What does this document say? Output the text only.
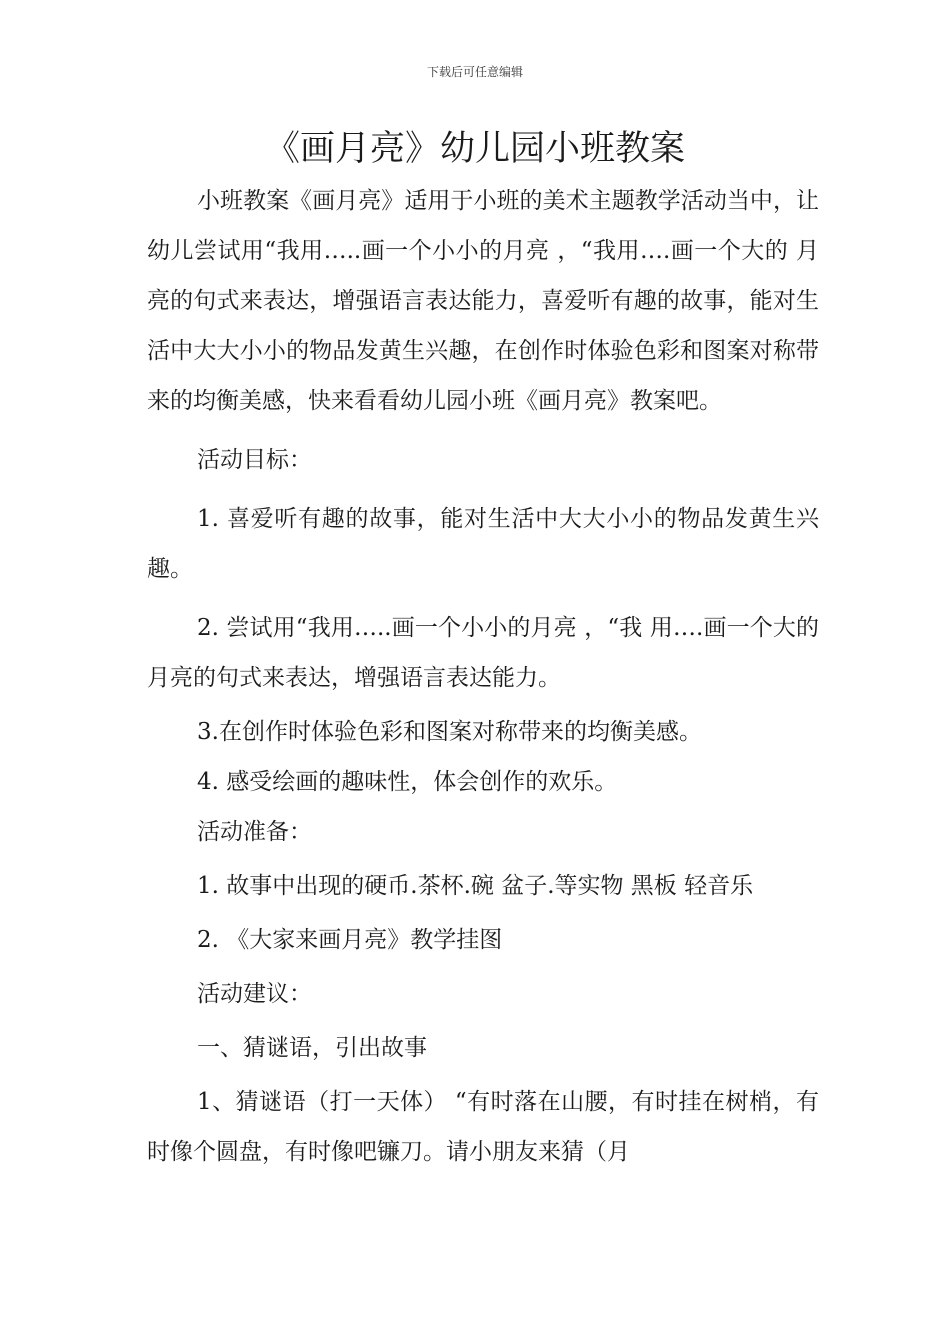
下载后可任意编辑
《画月亮》幼儿园小班教案

小班教案《画月亮》适用于小班的美术主题教学活动当中，让幼儿尝试用“我用…..画一个小小的月亮 ，“我用….画一个大的 月亮的句式来表达，增强语言表达能力，喜爱听有趣的故事，能对生活中大大小小的物品发黄生兴趣，在创作时体验色彩和图案对称带来的均衡美感，快来看看幼儿园小班《画月亮》教案吧。

活动目标：

1. 喜爱听有趣的故事，能对生活中大大小小的物品发黄生兴趣。

2. 尝试用“我用…..画一个小小的月亮 ，“我 用….画一个大的 月亮的句式来表达，增强语言表达能力。

3.在创作时体验色彩和图案对称带来的均衡美感。

4. 感受绘画的趣味性，体会创作的欢乐。

活动准备：

1. 故事中出现的硬币.茶杯.碗 盆子.等实物 黑板 轻音乐

2. 《大家来画月亮》教学挂图

活动建议：

一、猜谜语，引出故事

1、猜谜语（打一天体） “有时落在山腰，有时挂在树梢，有时像个圆盘，有时像吧镰刀。请小朋友来猜（月
